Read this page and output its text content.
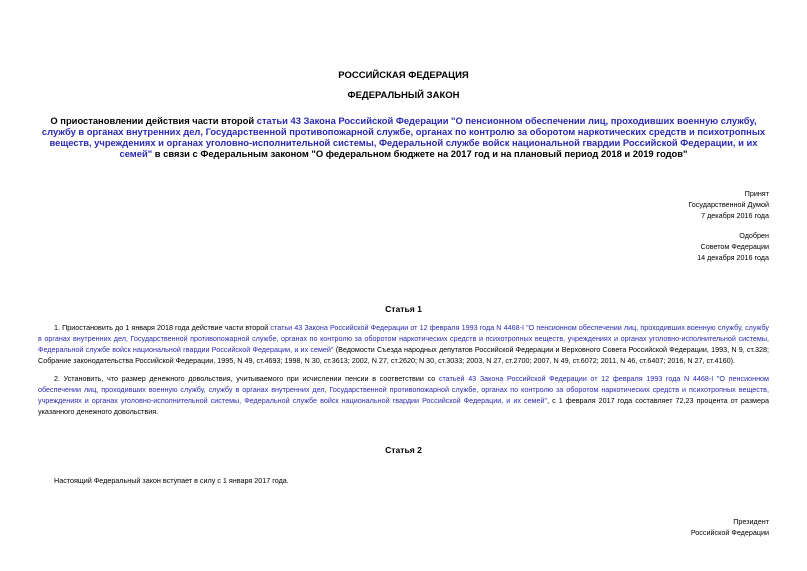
РОССИЙСКАЯ ФЕДЕРАЦИЯ
ФЕДЕРАЛЬНЫЙ ЗАКОН
О приостановлении действия части второй статьи 43 Закона Российской Федерации "О пенсионном обеспечении лиц, проходивших военную службу, службу в органах внутренних дел, Государственной противопожарной службе, органах по контролю за оборотом наркотических средств и психотропных веществ, учреждениях и органах уголовно-исполнительной системы, Федеральной службе войск национальной гвардии Российской Федерации, и их семей" в связи с Федеральным законом "О федеральном бюджете на 2017 год и на плановый период 2018 и 2019 годов"
Принят
Государственной Думой
7 декабря 2016 года
Одобрен
Советом Федерации
14 декабря 2016 года
Статья 1
1. Приостановить до 1 января 2018 года действие части второй статьи 43 Закона Российской Федерации от 12 февраля 1993 года N 4468-I "О пенсионном обеспечении лиц, проходивших военную службу, службу в органах внутренних дел, Государственной противопожарной службе, органах по контролю за оборотом наркотических средств и психотропных веществ, учреждениях и органах уголовно-исполнительной системы, Федеральной службе войск национальной гвардии Российской Федерации, и их семей" (Ведомости Съезда народных депутатов Российской Федерации и Верховного Совета Российской Федерации, 1993, N 9, ст.328; Собрание законодательства Российской Федерации, 1995, N 49, ст.4693; 1998, N 30, ст.3613; 2002, N 27, ст.2620; N 30, ст.3033; 2003, N 27, ст.2700; 2007, N 49, ст.6072; 2011, N 46, ст.6407; 2016, N 27, ст.4160).
2. Установить, что размер денежного довольствия, учитываемого при исчислении пенсии в соответствии со статьей 43 Закона Российской Федерации от 12 февраля 1993 года N 4468-I "О пенсионном обеспечении лиц, проходивших военную службу, службу в органах внутренних дел, Государственной противопожарной службе, органах по контролю за оборотом наркотических средств и психотропных веществ, учреждениях и органах уголовно-исполнительной системы, Федеральной службе войск национальной гвардии Российской Федерации, и их семей", с 1 февраля 2017 года составляет 72,23 процента от размера указанного денежного довольствия.
Статья 2
Настоящий Федеральный закон вступает в силу с 1 января 2017 года.
Президент
Российской Федерации
